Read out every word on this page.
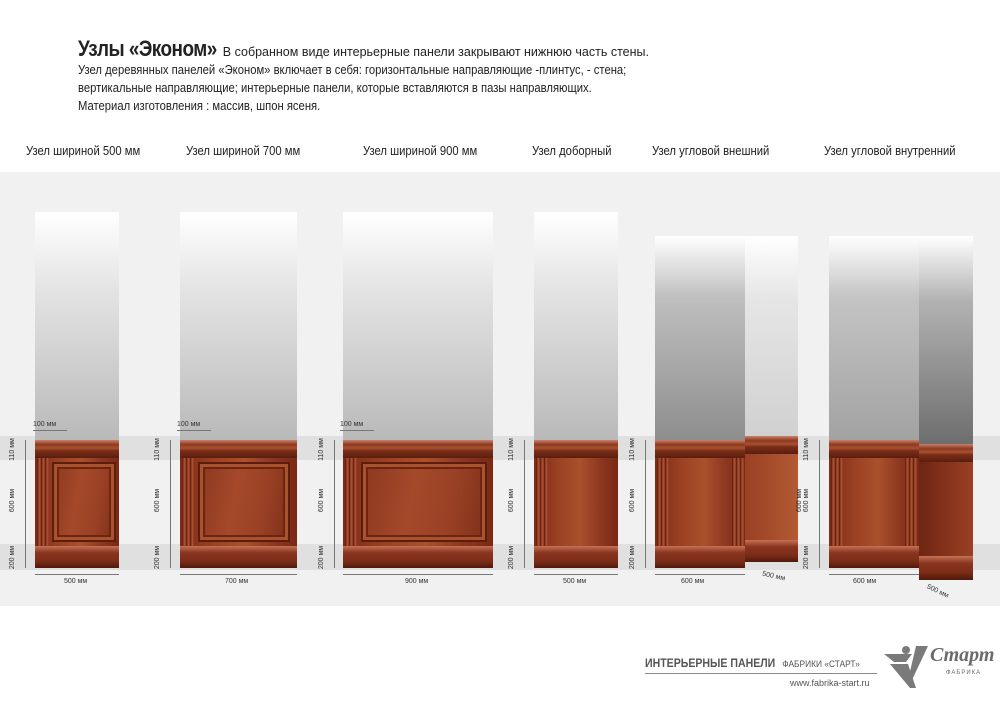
Узлы «Эконом» В собранном виде интерьерные панели закрывают нижнюю часть стены.
Узел деревянных панелей «Эконом» включает в себя: горизонтальные направляющие -плинтус, - стена;
вертикальные направляющие; интерьерные панели, которые вставляются в пазы направляющих.
Материал изготовления : массив, шпон ясеня.
Узел шириной 500 мм	Узел шириной 700 мм	Узел шириной 900 мм	Узел доборный	Узел угловой внешний	Узел угловой внутренний
100 мм
110 мм
600 мм
200 мм
500 мм
100 мм
110 мм
600 мм
200 мм
700 мм
100 мм
110 мм
600 мм
200 мм
900 мм
110 мм
600 мм
200 мм
500 мм
110 мм
600 мм
200 мм
600 мм	500 мм
600 мм
110 мм
600 мм
200 мм
600 мм
500 мм
ИНТЕРЬЕРНЫЕ ПАНЕЛИ ФАБРИКИ «СТАРТ»
www.fabrika-start.ru
Старт
ФАБРИКА
